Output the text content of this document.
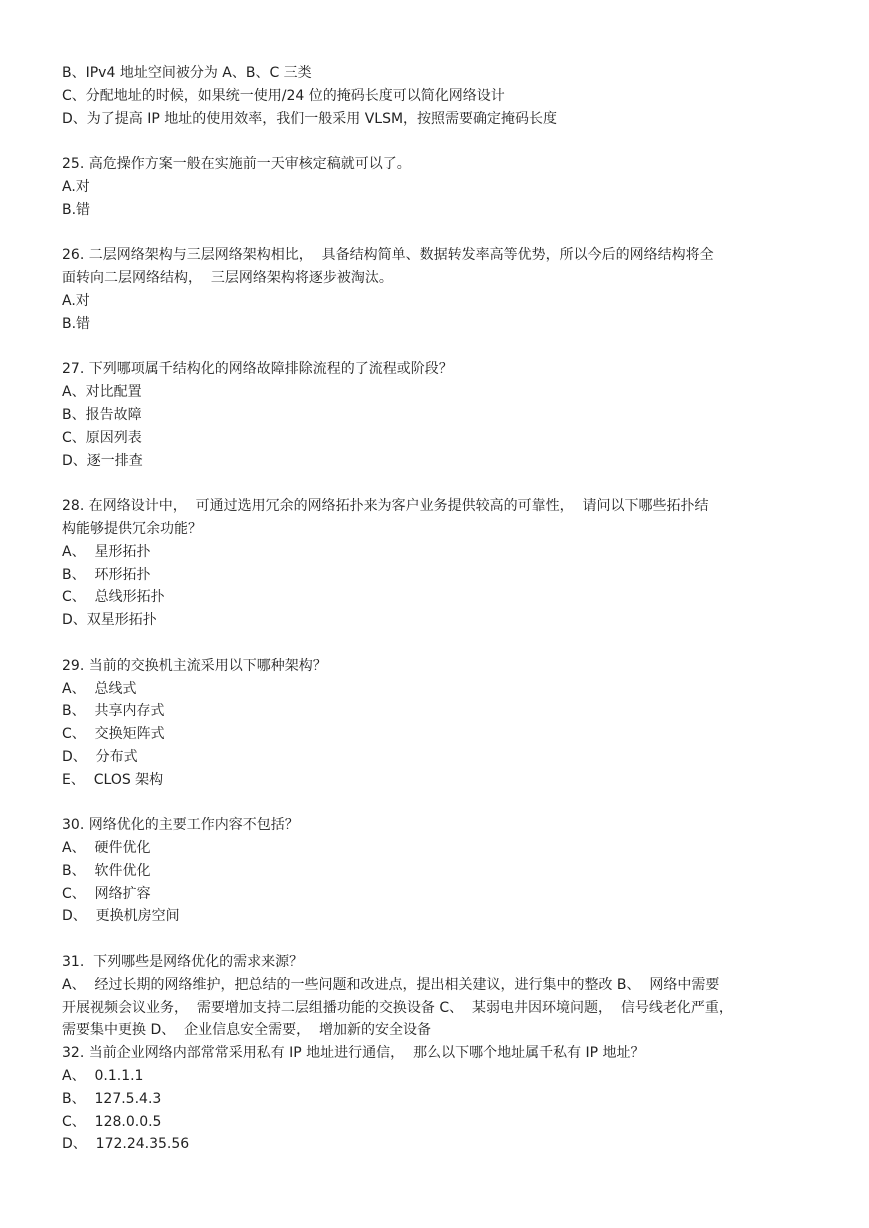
B、IPv4 地址空间被分为 A、B、C 三类

C、分配地址的时候，如果统一使用/24 位的掩码长度可以简化网络设计

D、为了提高 IP 地址的使用效率，我们一般采用 VLSM，按照需要确定掩码长度

25. 高危操作方案一般在实施前一天审核定稿就可以了。

A.对

B.错

26. 二层网络架构与三层网络架构相比，  具备结构简单、数据转发率高等优势，所以今后的网络结构将全

面转向二层网络结构，  三层网络架构将逐步被淘汰。

A.对

B.错

27. 下列哪项属千结构化的网络故障排除流程的了流程或阶段？

A、对比配置

B、报告故障

C、原因列表

D、逐一排查

28. 在网络设计中，  可通过选用冗余的网络拓扑来为客户业务提供较高的可靠性，  请问以下哪些拓扑结

构能够提供冗余功能？

A、  星形拓扑

B、  环形拓扑

C、  总线形拓扑

D、双星形拓扑

29. 当前的交换机主流采用以下哪种架构？

A、  总线式

B、  共享内存式

C、  交换矩阵式

D、  分布式

E、  CLOS 架构

30. 网络优化的主要工作内容不包括？

A、  硬件优化

B、  软件优化

C、  网络扩容

D、  更换机房空间

31.  下列哪些是网络优化的需求来源？

A、  经过长期的网络维护，把总结的一些问题和改进点，提出相关建议，进行集中的整改 B、  网络中需要

开展视频会议业务，  需要增加支持二层组播功能的交换设备 C、  某弱电井因环境问题，  信号线老化严重，

需要集中更换 D、  企业信息安全需要，  增加新的安全设备

32. 当前企业网络内部常常采用私有 IP 地址进行通信，  那么以下哪个地址属千私有 IP 地址？

A、  0.1.1.1

B、  127.5.4.3

C、  128.0.0.5

D、  172.24.35.56
